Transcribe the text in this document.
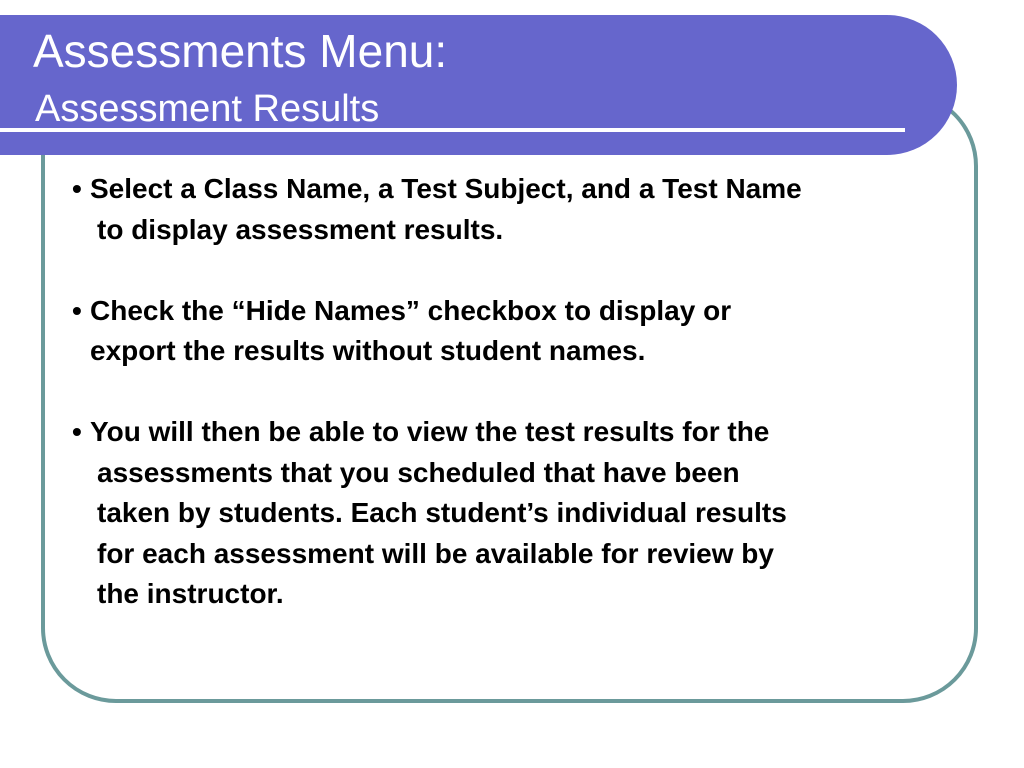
Assessments Menu:
Assessment Results
• Select a Class Name, a Test Subject, and a Test Name
to display assessment results.
• Check the “Hide Names” checkbox to display or
export the results without student names.
• You will then be able to view the test results for the
assessments that you scheduled that have been
taken by students. Each student’s individual results
for each assessment will be available for review by
the instructor.
